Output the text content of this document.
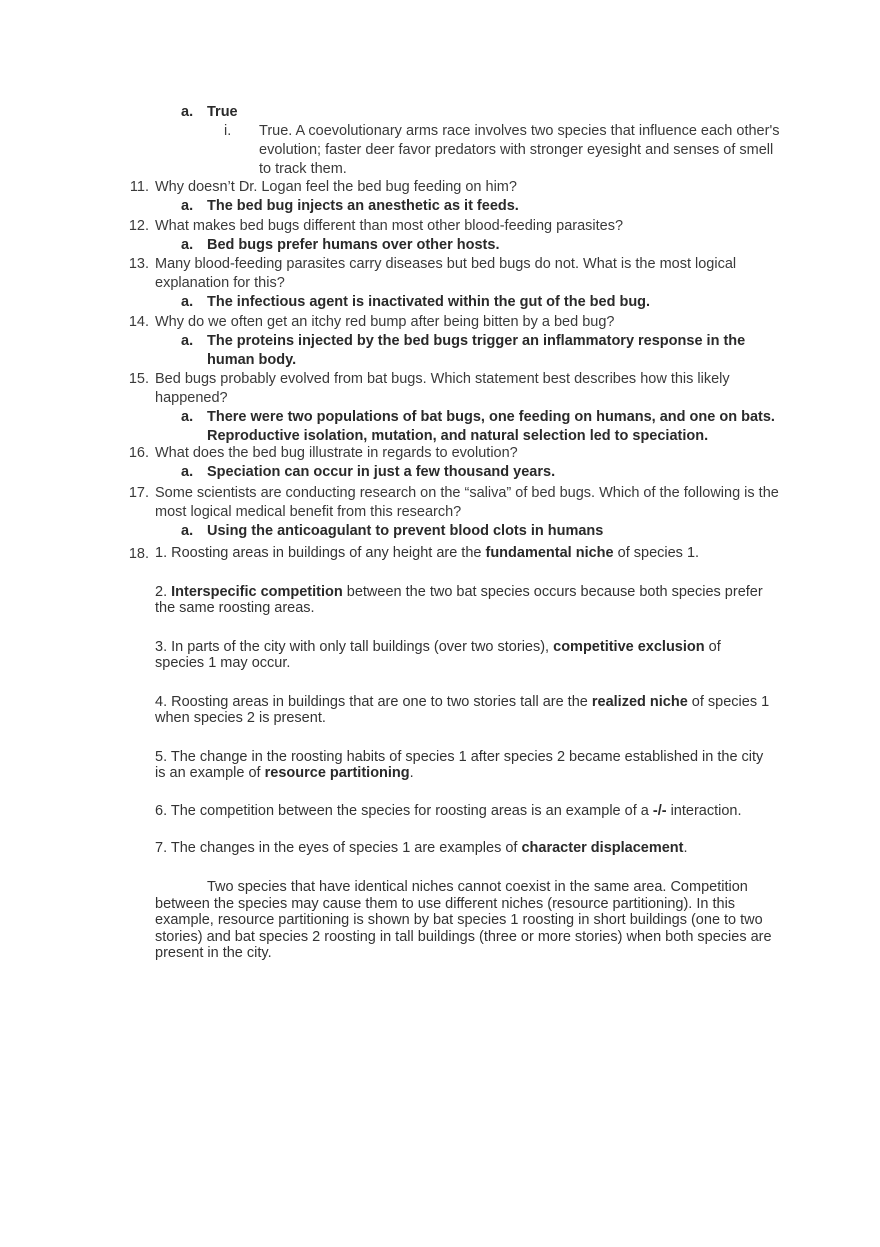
a. True
i. True. A coevolutionary arms race involves two species that influence each other's
evolution; faster deer favor predators with stronger eyesight and senses of smell
to track them.
11. Why doesn’t Dr. Logan feel the bed bug feeding on him?
a. The bed bug injects an anesthetic as it feeds.
12. What makes bed bugs different than most other blood-feeding parasites?
a. Bed bugs prefer humans over other hosts.
13. Many blood-feeding parasites carry diseases but bed bugs do not. What is the most logical
explanation for this?
a. The infectious agent is inactivated within the gut of the bed bug.
14. Why do we often get an itchy red bump after being bitten by a bed bug?
a. The proteins injected by the bed bugs trigger an inflammatory response in the
human body.
15. Bed bugs probably evolved from bat bugs. Which statement best describes how this likely
happened?
a. There were two populations of bat bugs, one feeding on humans, and one on bats.
Reproductive isolation, mutation, and natural selection led to speciation.
16. What does the bed bug illustrate in regards to evolution?
a. Speciation can occur in just a few thousand years.
17. Some scientists are conducting research on the “saliva” of bed bugs. Which of the following is the
most logical medical benefit from this research?
a. Using the anticoagulant to prevent blood clots in humans
18. 1. Roosting areas in buildings of any height are the fundamental niche of species 1.
2. Interspecific competition between the two bat species occurs because both species prefer
the same roosting areas.
3. In parts of the city with only tall buildings (over two stories), competitive exclusion of
species 1 may occur.
4. Roosting areas in buildings that are one to two stories tall are the realized niche of species 1
when species 2 is present.
5. The change in the roosting habits of species 1 after species 2 became established in the city
is an example of resource partitioning.
6. The competition between the species for roosting areas is an example of a -/- interaction.
7. The changes in the eyes of species 1 are examples of character displacement.
Two species that have identical niches cannot coexist in the same area. Competition
between the species may cause them to use different niches (resource partitioning). In this
example, resource partitioning is shown by bat species 1 roosting in short buildings (one to two
stories) and bat species 2 roosting in tall buildings (three or more stories) when both species are
present in the city.
